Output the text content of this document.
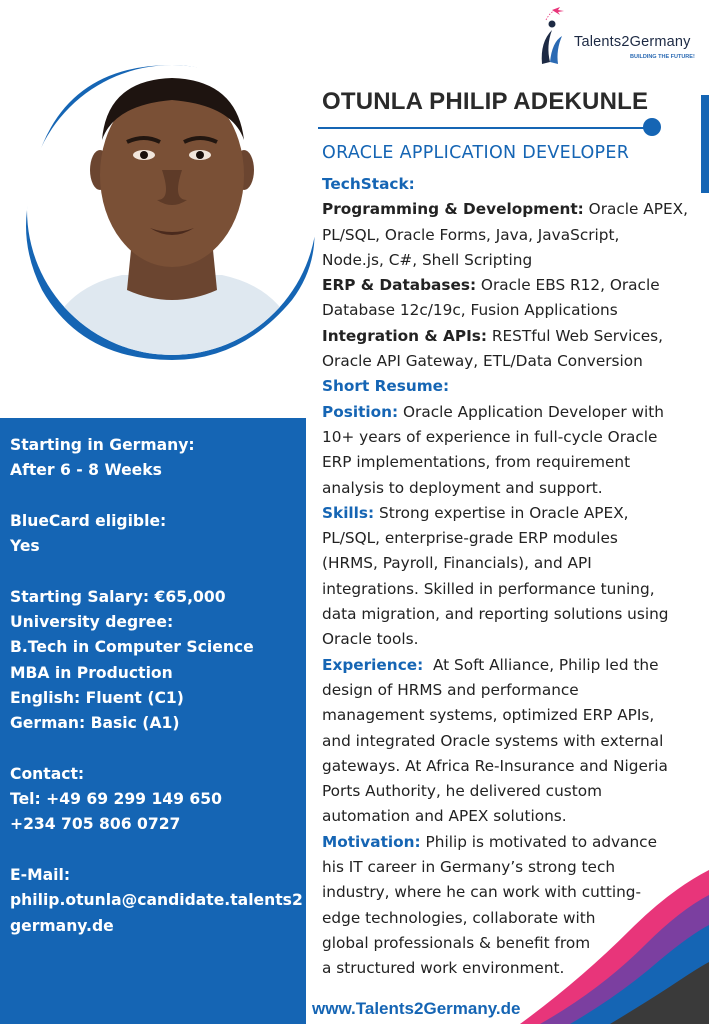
Talents2Germany
BUILDING THE FUTURE!
OTUNLA PHILIP ADEKUNLE
ORACLE APPLICATION DEVELOPER
Starting in Germany:
After 6 - 8 Weeks
BlueCard eligible:
Yes
Starting Salary: €65,000
University degree:
B.Tech in Computer Science
MBA in Production
English: Fluent (C1)
German: Basic (A1)
Contact:
Tel: +49 69 299 149 650
+234 705 806 0727
E-Mail:
philip.otunla@candidate.talents2
germany.de
TechStack:
Programming & Development: Oracle APEX,
PL/SQL, Oracle Forms, Java, JavaScript,
Node.js, C#, Shell Scripting
ERP & Databases: Oracle EBS R12, Oracle
Database 12c/19c, Fusion Applications
Integration & APIs: RESTful Web Services,
Oracle API Gateway, ETL/Data Conversion
Short Resume:
Position: Oracle Application Developer with
10+ years of experience in full-cycle Oracle
ERP implementations, from requirement
analysis to deployment and support.
Skills: Strong expertise in Oracle APEX,
PL/SQL, enterprise-grade ERP modules
(HRMS, Payroll, Financials), and API
integrations. Skilled in performance tuning,
data migration, and reporting solutions using
Oracle tools.
Experience:  At Soft Alliance, Philip led the
design of HRMS and performance
management systems, optimized ERP APIs,
and integrated Oracle systems with external
gateways. At Africa Re-Insurance and Nigeria
Ports Authority, he delivered custom
automation and APEX solutions.
Motivation: Philip is motivated to advance
his IT career in Germany’s strong tech
industry, where he can work with cutting-
edge technologies, collaborate with
global professionals & benefit from
a structured work environment.
www.Talents2Germany.de
